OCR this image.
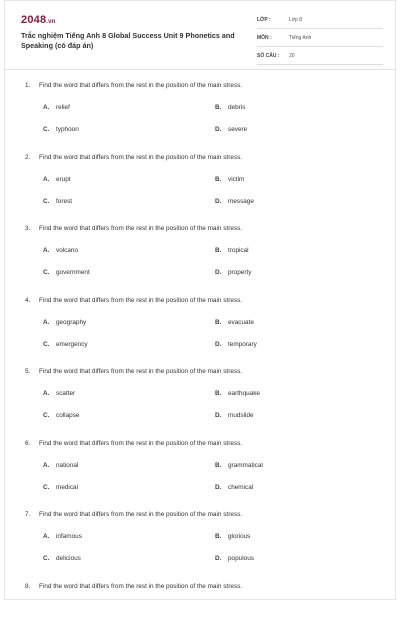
2048.vn
Trắc nghiệm Tiếng Anh 8 Global Success Unit 9 Phonetics and Speaking (có đáp án)
LỚP :	Lớp 8
MÔN :	Tiếng Anh
SỐ CÂU : 20
1. Find the word that differs from the rest in the position of the main stress.
A. relief	B. debris
C. typhoon	D. severe
2. Find the word that differs from the rest in the position of the main stress.
A. erupt	B. victim
C. forest	D. message
3. Find the word that differs from the rest in the position of the main stress.
A. volcano	B. tropical
C. government	D. property
4. Find the word that differs from the rest in the position of the main stress.
A. geography	B. evacuate
C. emergency	D. temporary
5. Find the word that differs from the rest in the position of the main stress.
A. scatter	B. earthquake
C. collapse	D. mudslide
6. Find the word that differs from the rest in the position of the main stress.
A. national	B. grammatical
C. medical	D. chemical
7. Find the word that differs from the rest in the position of the main stress.
A. infamous	B. glorious
C. delicious	D. populous
8. Find the word that differs from the rest in the position of the main stress.
